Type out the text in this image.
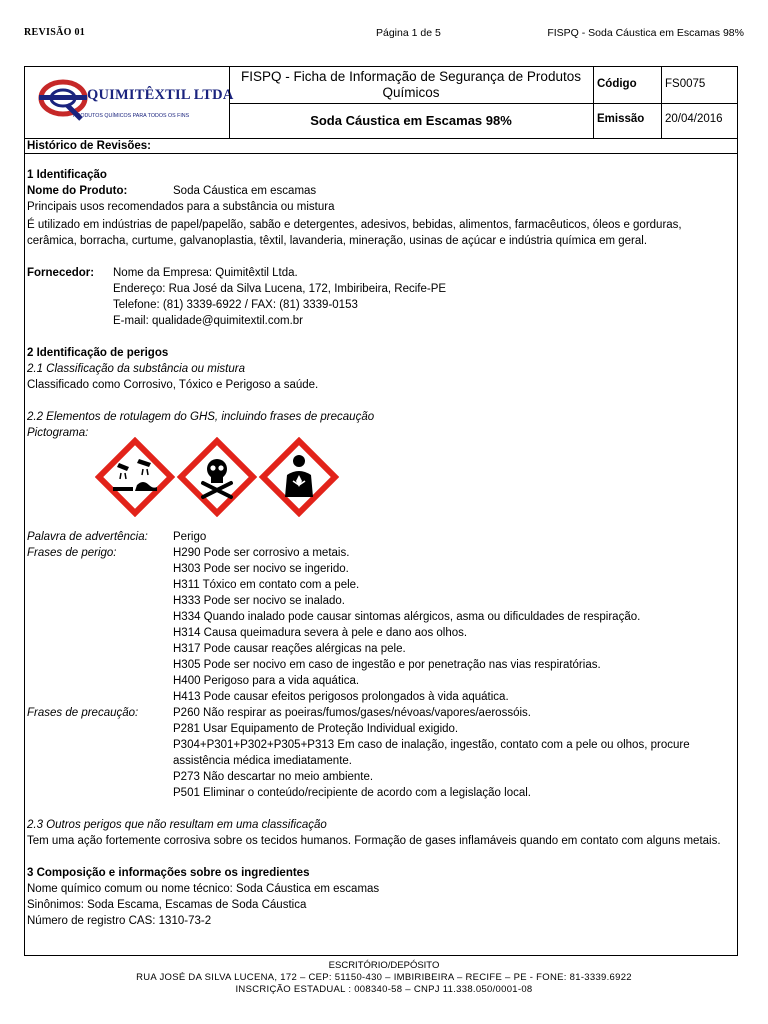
REVISÃO 01	Página 1 de 5	FISPQ - Soda Cáustica em Escamas 98%
QUIMITÊXTIL LTDA
PRODUTOS QUÍMICOS PARA TODOS OS FINS
FISPQ - Ficha de Informação de Segurança de Produtos Químicos
Soda Cáustica em Escamas 98%
Código FS0075
Emissão 20/04/2016
Histórico de Revisões:

1 Identificação

Nome do Produto:	Soda Cáustica em escamas

Principais usos recomendados para a substância ou mistura

É utilizado em indústrias de papel/papelão, sabão e detergentes, adesivos, bebidas, alimentos, farmacêuticos, óleos e gorduras, cerâmica, borracha, curtume, galvanoplastia, têxtil, lavanderia, mineração, usinas de açúcar e indústria química em geral.

Fornecedor:	Nome da Empresa: Quimitêxtil Ltda.

Endereço: Rua José da Silva Lucena, 172, Imbiribeira, Recife-PE

Telefone: (81) 3339-6922 / FAX: (81) 3339-0153

E-mail: qualidade@quimitextil.com.br

2 Identificação de perigos

2.1 Classificação da substância ou mistura

Classificado como Corrosivo, Tóxico e Perigoso a saúde.

2.2 Elementos de rotulagem do GHS, incluindo frases de precaução

Pictograma:

Palavra de advertência:	Perigo
Frases de perigo:	H290 Pode ser corrosivo a metais.

H303 Pode ser nocivo se ingerido.

H311 Tóxico em contato com a pele.

H333 Pode ser nocivo se inalado.

H334 Quando inalado pode causar sintomas alérgicos, asma ou dificuldades de respiração.

H314 Causa queimadura severa à pele e dano aos olhos.

H317 Pode causar reações alérgicas na pele.

H305 Pode ser nocivo em caso de ingestão e por penetração nas vias respiratórias.

H400 Perigoso para a vida aquática.

H413 Pode causar efeitos perigosos prolongados à vida aquática.

Frases de precaução:	P260 Não respirar as poeiras/fumos/gases/névoas/vapores/aerossóis.

P281 Usar Equipamento de Proteção Individual exigido.

P304+P301+P302+P305+P313 Em caso de inalação, ingestão, contato com a pele ou olhos, procure assistência médica imediatamente.

P273 Não descartar no meio ambiente.

P501 Eliminar o conteúdo/recipiente de acordo com a legislação local.

2.3 Outros perigos que não resultam em uma classificação

Tem uma ação fortemente corrosiva sobre os tecidos humanos. Formação de gases inflamáveis quando em contato com alguns metais.

3 Composição e informações sobre os ingredientes

Nome químico comum ou nome técnico: Soda Cáustica em escamas

Sinônimos: Soda Escama, Escamas de Soda Cáustica

Número de registro CAS: 1310-73-2

ESCRITÓRIO/DEPÓSITO
RUA JOSÉ DA SILVA LUCENA, 172 – CEP: 51150-430 – IMBIRIBEIRA – RECIFE – PE - FONE: 81-3339.6922
INSCRIÇÃO ESTADUAL : 008340-58 – CNPJ 11.338.050/0001-08
